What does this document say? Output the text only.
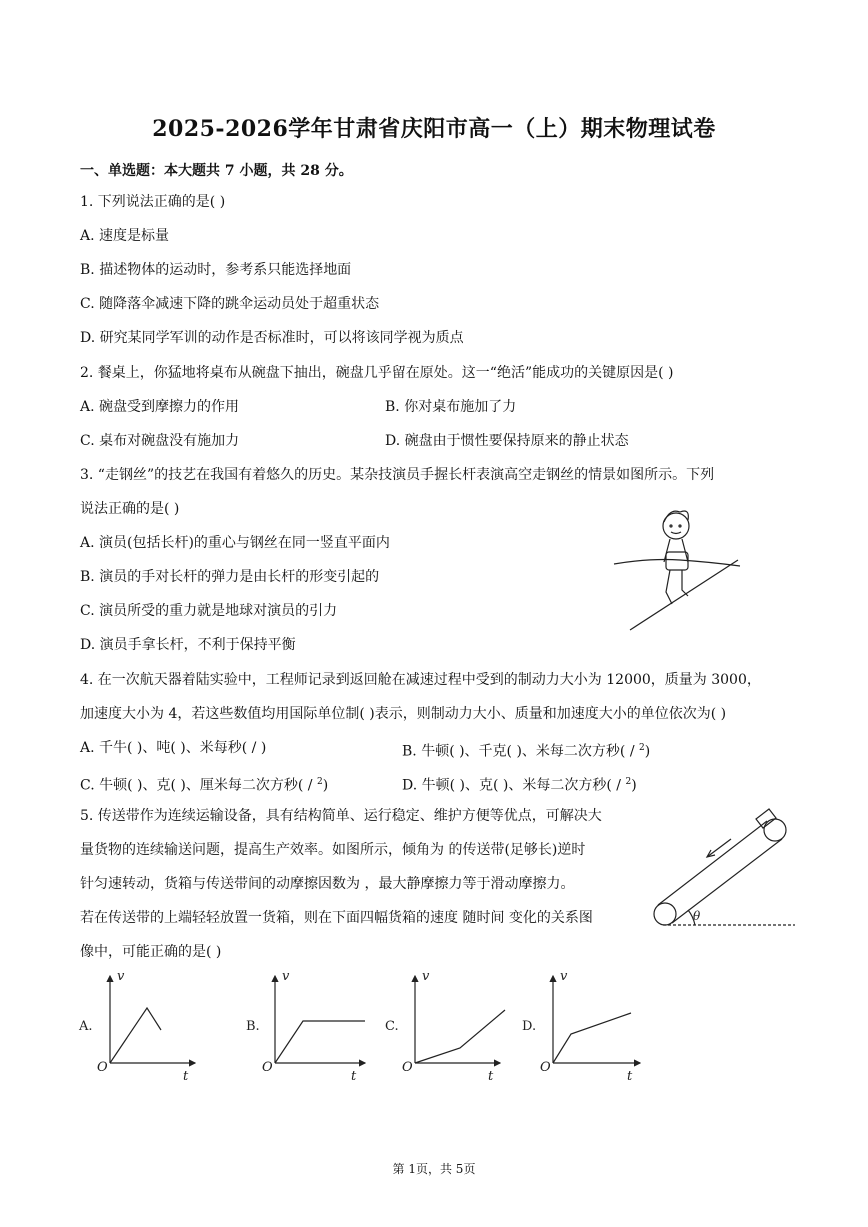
2025-2026学年甘肃省庆阳市高一（上）期末物理试卷
一、单选题：本大题共 7 小题，共 28 分。
1. 下列说法正确的是( )
A. 速度是标量
B. 描述物体的运动时，参考系只能选择地面
C. 随降落伞减速下降的跳伞运动员处于超重状态
D. 研究某同学军训的动作是否标准时，可以将该同学视为质点
2. 餐桌上，你猛地将桌布从碗盘下抽出，碗盘几乎留在原处。这一“绝活”能成功的关键原因是( )
A. 碗盘受到摩擦力的作用	B. 你对桌布施加了力
C. 桌布对碗盘没有施加力	D. 碗盘由于惯性要保持原来的静止状态
3. “走钢丝”的技艺在我国有着悠久的历史。某杂技演员手握长杆表演高空走钢丝的情景如图所示。下列
说法正确的是( )
A. 演员(包括长杆)的重心与钢丝在同一竖直平面内
B. 演员的手对长杆的弹力是由长杆的形变引起的
C. 演员所受的重力就是地球对演员的引力
D. 演员手拿长杆，不利于保持平衡
4. 在一次航天器着陆实验中，工程师记录到返回舱在减速过程中受到的制动力大小为 12000，质量为 3000，
加速度大小为 4，若这些数值均用国际单位制( )表示，则制动力大小、质量和加速度大小的单位依次为( )
A. 千牛( )、吨( )、米每秒( / )	B. 牛顿( )、千克( )、米每二次方秒( / $^2$)
C. 牛顿( )、克( )、厘米每二次方秒( / $^2$)	D. 牛顿( )、克( )、米每二次方秒( / $^2$)
5. 传送带作为连续运输设备，具有结构简单、运行稳定、维护方便等优点，可解决大
量货物的连续输送问题，提高生产效率。如图所示，倾角为 的传送带(足够长)逆时
针匀速转动，货箱与传送带间的动摩擦因数为 ，最大静摩擦力等于滑动摩擦力。
若在传送带的上端轻轻放置一货箱，则在下面四幅货箱的速度 随时间 变化的关系图
像中，可能正确的是( )
θ
A.
v
t
O
B.
v
t
O
C.
v
t
O
D.
v
t
O
第 1页，共 5页
